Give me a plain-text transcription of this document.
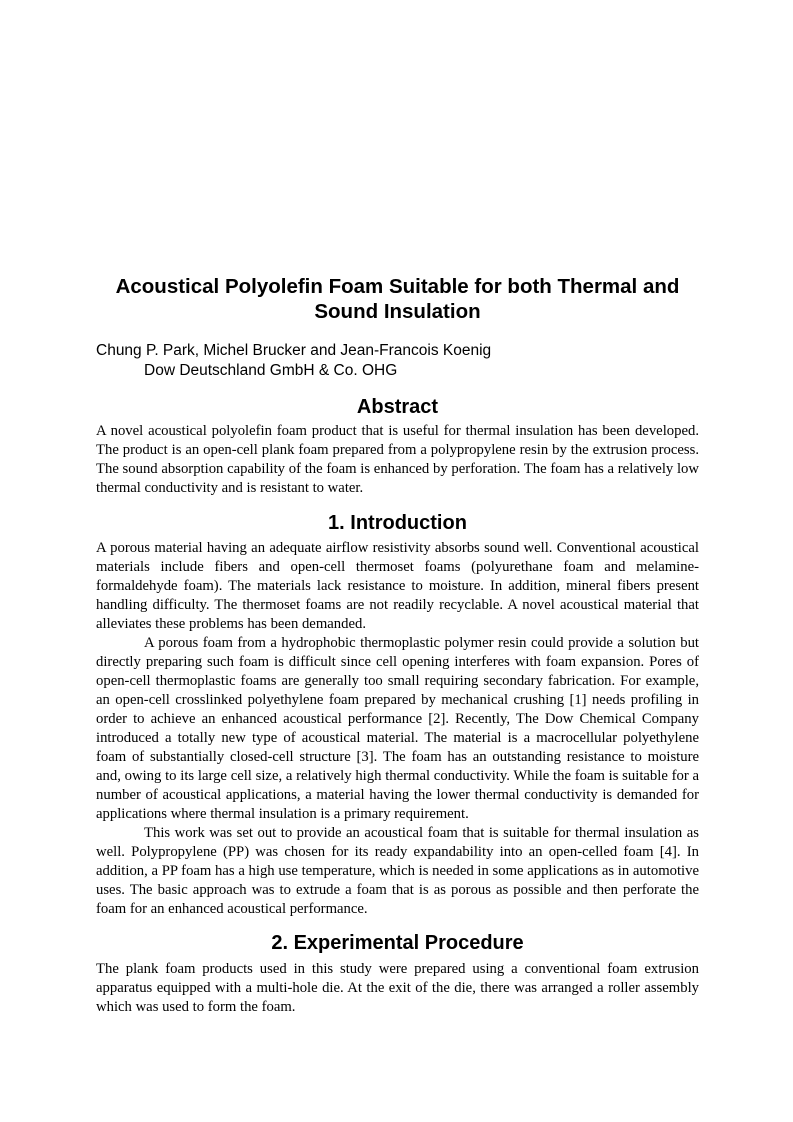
Acoustical Polyolefin Foam Suitable for both Thermal and Sound Insulation
Chung P. Park, Michel Brucker and Jean-Francois Koenig
Dow Deutschland GmbH & Co. OHG
Abstract

A novel acoustical polyolefin foam product that is useful for thermal insulation has been developed. The product is an open-cell plank foam prepared from a polypropylene resin by the extrusion process. The sound absorption capability of the foam is enhanced by perforation. The foam has a relatively low thermal conductivity and is resistant to water.

1. Introduction

A porous material having an adequate airflow resistivity absorbs sound well. Conventional acoustical materials include fibers and open-cell thermoset foams (polyurethane foam and melamine-formaldehyde foam). The materials lack resistance to moisture. In addition, mineral fibers present handling difficulty. The thermoset foams are not readily recyclable. A novel acoustical material that alleviates these problems has been demanded.

A porous foam from a hydrophobic thermoplastic polymer resin could provide a solution but directly preparing such foam is difficult since cell opening interferes with foam expansion. Pores of open-cell thermoplastic foams are generally too small requiring secondary fabrication. For example, an open-cell crosslinked polyethylene foam prepared by mechanical crushing [1] needs profiling in order to achieve an enhanced acoustical performance [2]. Recently, The Dow Chemical Company introduced a totally new type of acoustical material. The material is a macrocellular polyethylene foam of substantially closed-cell structure [3]. The foam has an outstanding resistance to moisture and, owing to its large cell size, a relatively high thermal conductivity. While the foam is suitable for a number of acoustical applications, a material having the lower thermal conductivity is demanded for applications where thermal insulation is a primary requirement.

This work was set out to provide an acoustical foam that is suitable for thermal insulation as well. Polypropylene (PP) was chosen for its ready expandability into an open-celled foam [4]. In addition, a PP foam has a high use temperature, which is needed in some applications as in automotive uses. The basic approach was to extrude a foam that is as porous as possible and then perforate the foam for an enhanced acoustical performance.

2. Experimental Procedure

The plank foam products used in this study were prepared using a conventional foam extrusion apparatus equipped with a multi-hole die. At the exit of the die, there was arranged a roller assembly which was used to form the foam.
